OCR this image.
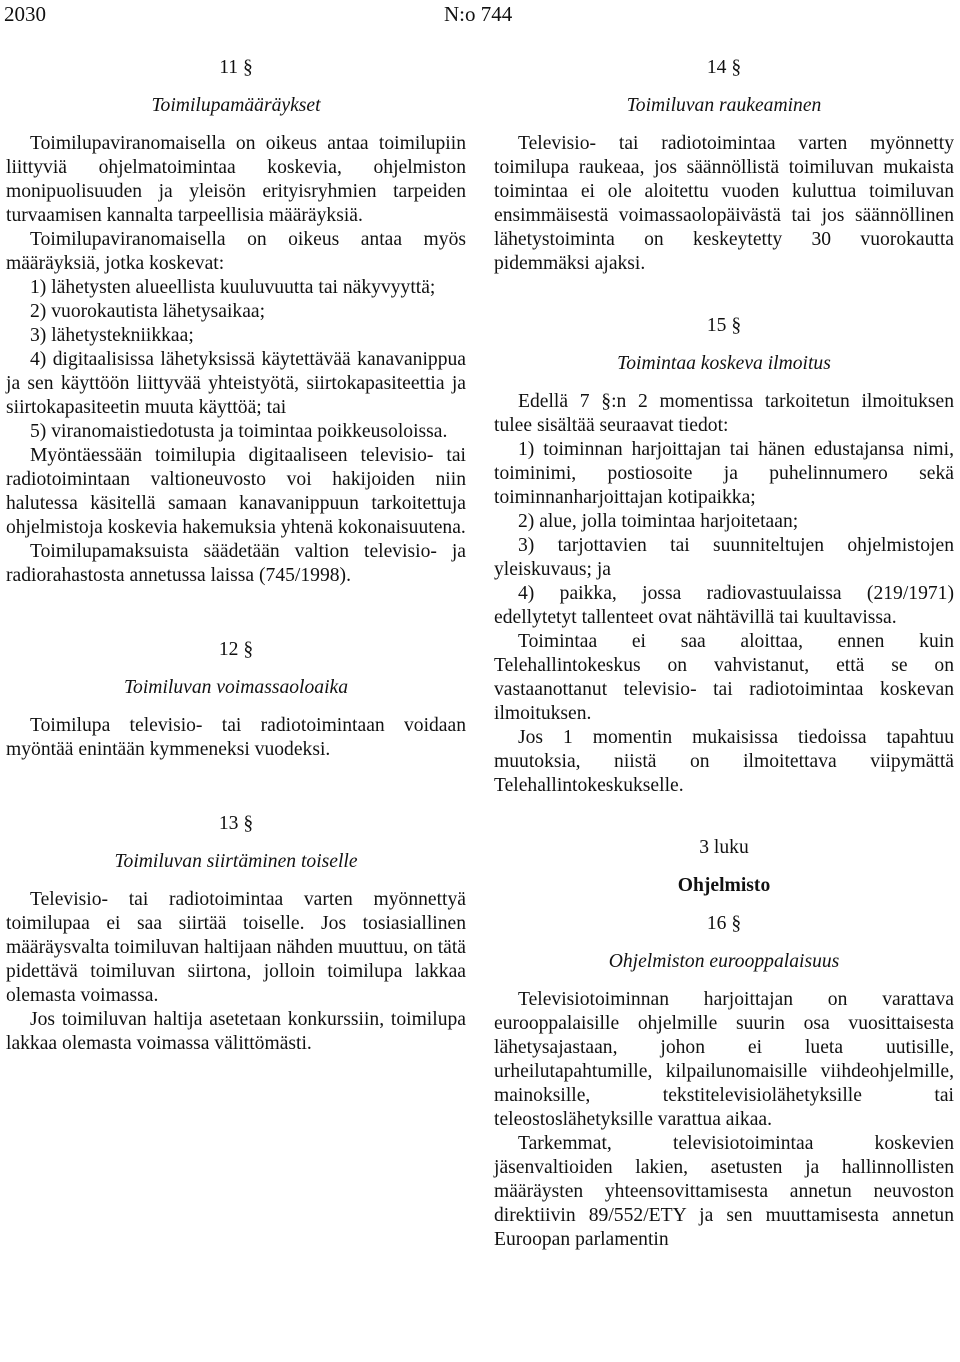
2030	N:o 744
11 §
Toimilupamääräykset

Toimilupaviranomaisella on oikeus antaa toimilupiin liittyviä ohjelmatoimintaa koskevia, ohjelmiston monipuolisuuden ja yleisön erityisryhmien tarpeiden turvaamisen kannalta tarpeellisia määräyksiä.

Toimilupaviranomaisella on oikeus antaa myös määräyksiä, jotka koskevat:

1) lähetysten alueellista kuuluvuutta tai näkyvyyttä;

2) vuorokautista lähetysaikaa;

3) lähetystekniikkaa;

4) digitaalisissa lähetyksissä käytettävää kanavanippua ja sen käyttöön liittyvää yhteistyötä, siirtokapasiteettia ja siirtokapasiteetin muuta käyttöä; tai

5) viranomaistiedotusta ja toimintaa poikkeusoloissa.

Myöntäessään toimilupia digitaaliseen televisio- tai radiotoimintaan valtioneuvosto voi hakijoiden niin halutessa käsitellä samaan kanavanippuun tarkoitettuja ohjelmistoja koskevia hakemuksia yhtenä kokonaisuutena.

Toimilupamaksuista säädetään valtion televisio- ja radiorahastosta annetussa laissa (745/1998).

12 §
Toimiluvan voimassaoloaika

Toimilupa televisio- tai radiotoimintaan voidaan myöntää enintään kymmeneksi vuodeksi.

13 §
Toimiluvan siirtäminen toiselle

Televisio- tai radiotoimintaa varten myönnettyä toimilupaa ei saa siirtää toiselle. Jos tosiasiallinen määräysvalta toimiluvan haltijaan nähden muuttuu, on tätä pidettävä toimiluvan siirtona, jolloin toimilupa lakkaa olemasta voimassa.

Jos toimiluvan haltija asetetaan konkurssiin, toimilupa lakkaa olemasta voimassa välittömästi.

14 §
Toimiluvan raukeaminen

Televisio- tai radiotoimintaa varten myönnetty toimilupa raukeaa, jos säännöllistä toimiluvan mukaista toimintaa ei ole aloitettu vuoden kuluttua toimiluvan ensimmäisestä voimassaolopäivästä tai jos säännöllinen lähetystoiminta on keskeytetty 30 vuorokautta pidemmäksi ajaksi.

15 §
Toimintaa koskeva ilmoitus

Edellä 7 §:n 2 momentissa tarkoitetun ilmoituksen tulee sisältää seuraavat tiedot:

1) toiminnan harjoittajan tai hänen edustajansa nimi, toiminimi, postiosoite ja puhelinnumero sekä toiminnanharjoittajan kotipaikka;

2) alue, jolla toimintaa harjoitetaan;

3) tarjottavien tai suunniteltujen ohjelmistojen yleiskuvaus; ja

4) paikka, jossa radiovastuulaissa (219/1971) edellytetyt tallenteet ovat nähtävillä tai kuultavissa.

Toimintaa ei saa aloittaa, ennen kuin Telehallintokeskus on vahvistanut, että se on vastaanottanut televisio- tai radiotoimintaa koskevan ilmoituksen.

Jos 1 momentin mukaisissa tiedoissa tapahtuu muutoksia, niistä on ilmoitettava viipymättä Telehallintokeskukselle.

3 luku
Ohjelmisto
16 §
Ohjelmiston eurooppalaisuus

Televisiotoiminnan harjoittajan on varattava eurooppalaisille ohjelmille suurin osa vuosittaisesta lähetysajastaan, johon ei lueta uutisille, urheilutapahtumille, kilpailunomaisille viihdeohjelmille, mainoksille, tekstitelevisiolähetyksille tai teleostoslähetyksille varattua aikaa.

Tarkemmat, televisiotoimintaa koskevien jäsenvaltioiden lakien, asetusten ja hallinnollisten määräysten yhteensovittamisesta annetun neuvoston direktiivin 89/552/ETY ja sen muuttamisesta annetun Euroopan parlamentin
